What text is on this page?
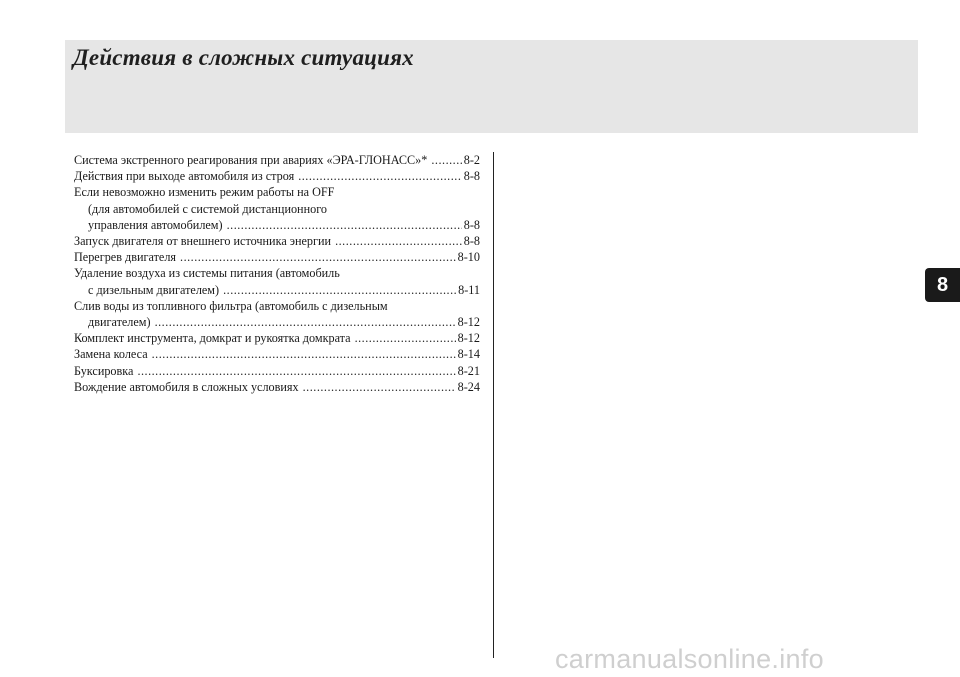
Действия в сложных ситуациях
Система экстренного реагирования при авариях «ЭРА-ГЛОНАСС»* .....	8-2
Действия при выходе автомобиля из строя .....	8-8
Если невозможно изменить режим работы на OFF
(для автомобилей с системой дистанционного
управления автомобилем) .....	8-8
Запуск двигателя от внешнего источника энергии .....	8-8
Перегрев двигателя .....	8-10
Удаление воздуха из системы питания (автомобиль
с дизельным двигателем) .....	8-11
Слив воды из топливного фильтра (автомобиль с дизельным
двигателем) .....	8-12
Комплект инструмента, домкрат и рукоятка домкрата .....	8-12
Замена колеса .....	8-14
Буксировка .....	8-21
Вождение автомобиля в сложных условиях .....	8-24
8
carmanualsonline.info
